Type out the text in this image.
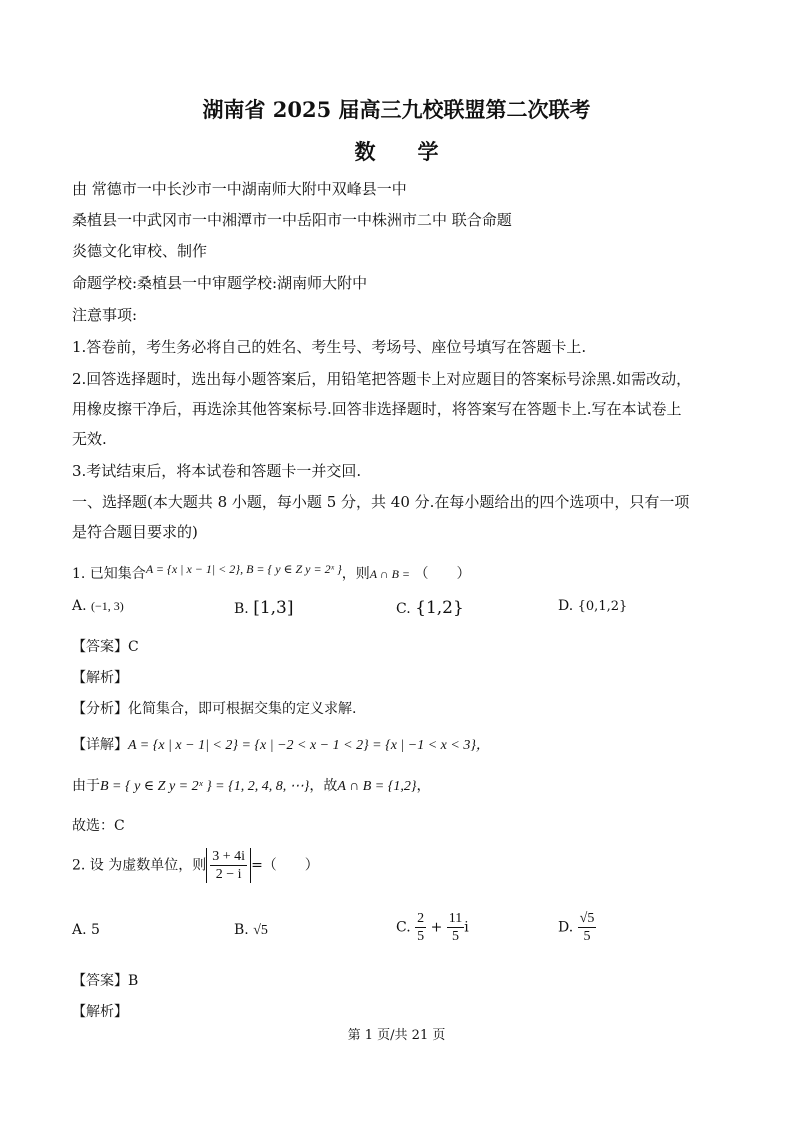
湖南省 2025 届高三九校联盟第二次联考
数　　学
由 常德市一中长沙市一中湖南师大附中双峰县一中
桑植县一中武冈市一中湘潭市一中岳阳市一中株洲市二中 联合命题
炎德文化审校、制作
命题学校:桑植县一中审题学校:湖南师大附中
注意事项:
1.答卷前，考生务必将自己的姓名、考生号、考场号、座位号填写在答题卡上.
2.回答选择题时，选出每小题答案后，用铅笔把答题卡上对应题目的答案标号涂黑.如需改动，
用橡皮擦干净后，再选涂其他答案标号.回答非选择题时，将答案写在答题卡上.写在本试卷上
无效.
3.考试结束后，将本试卷和答题卡一并交回.
一、选择题(本大题共 8 小题，每小题 5 分，共 40 分.在每小题给出的四个选项中，只有一项
是符合题目要求的)
1. 已知集合A = {x | x − 1| < 2}, B = { y ∈ Z y = 2ˣ }，则A ∩ B = （　　）
A. (−1, 3)	B. [1,3]	C. {1,2}	D. {0,1,2}
【答案】C
【解析】
【分析】化简集合，即可根据交集的定义求解.
【详解】A = {x | x − 1| < 2} = {x | −2 < x − 1 < 2} = {x | −1 < x < 3}，
由于B = { y ∈ Z y = 2ˣ } = {1, 2, 4, 8, ⋯}，故A ∩ B = {1,2}，
故选：C
2. 设 为虚数单位，则 $\frac{3 + 4i}{2 - i}$ =（　　）
A. 5	B. √5	C. $\frac{2}{5} + \frac{11}{5}$ i	D. $\frac{√5}{5}$
【答案】B
【解析】
第 1 页/共 21 页
